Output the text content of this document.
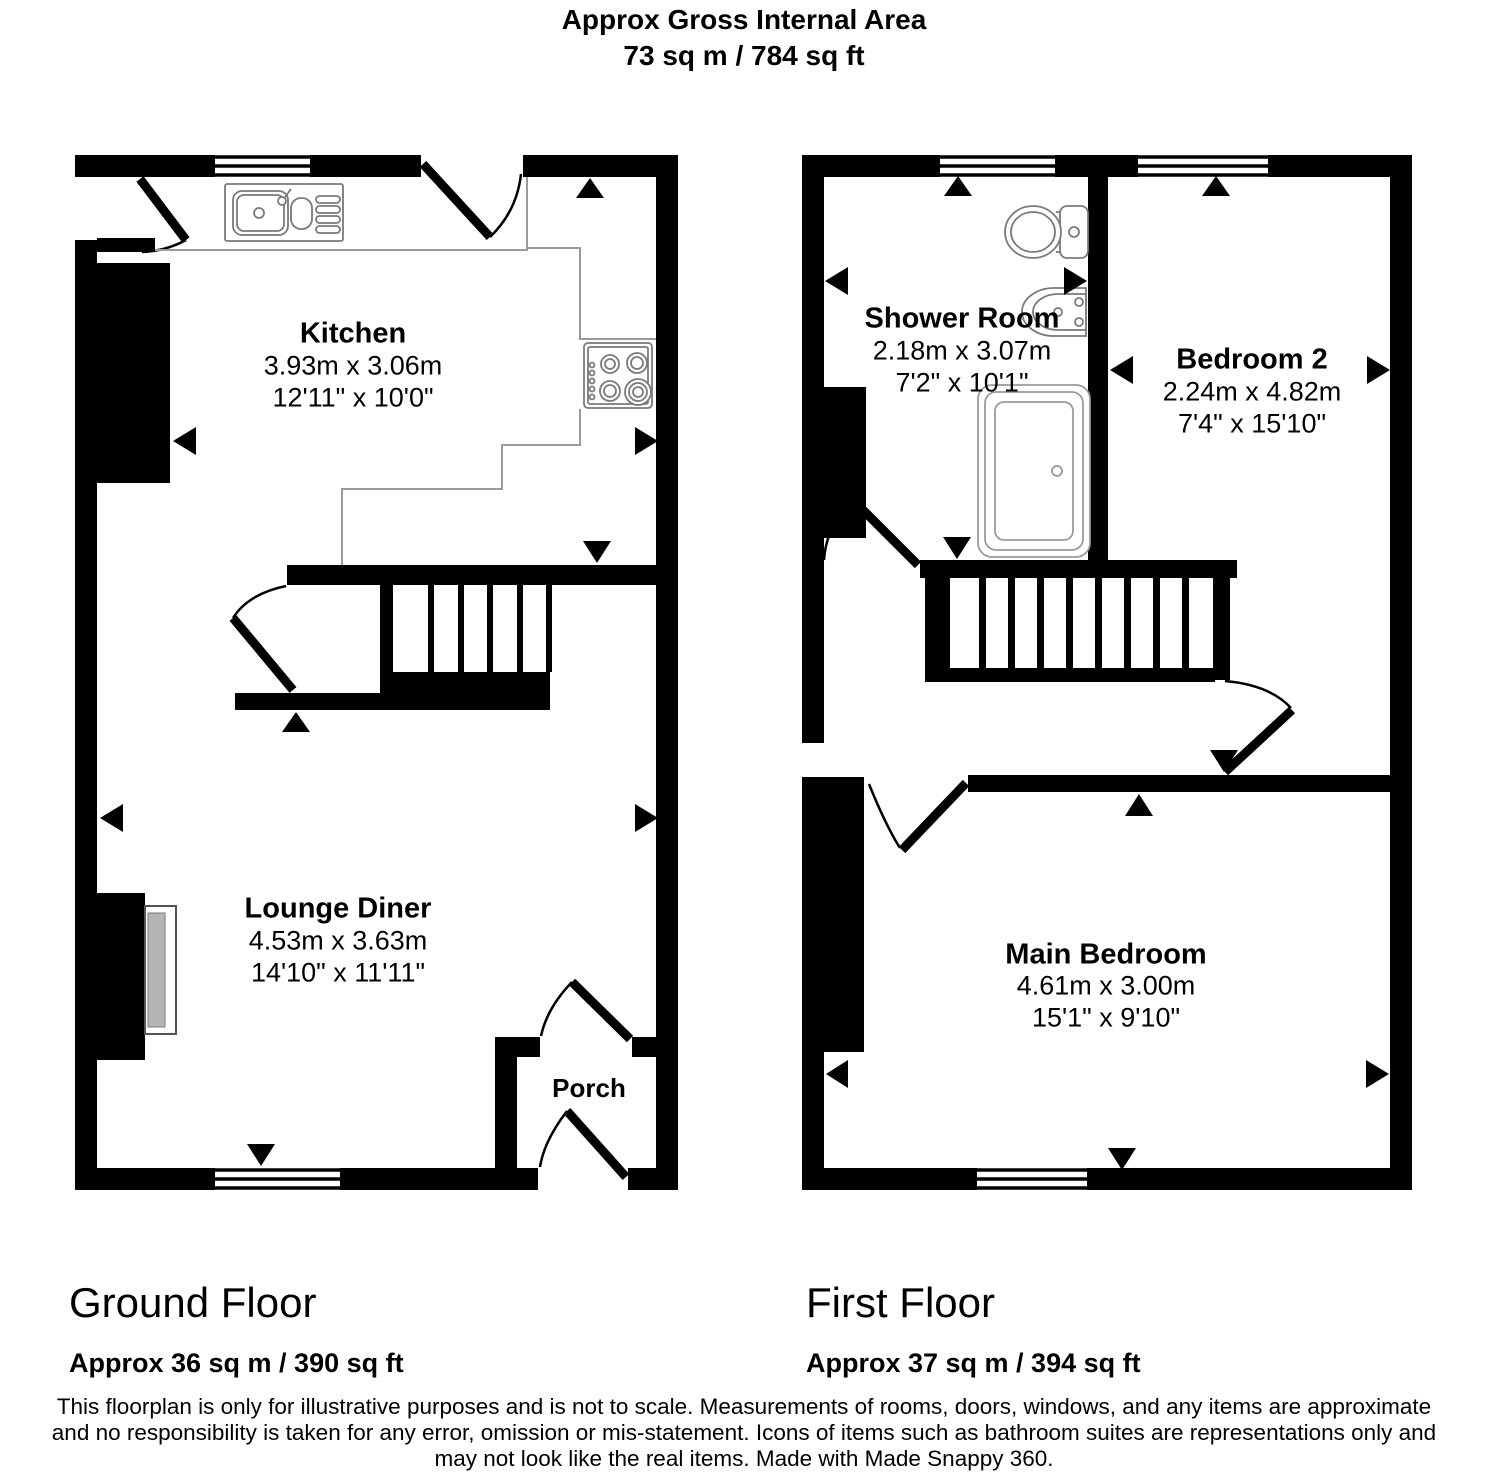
Approx Gross Internal Area
73 sq m / 784 sq ft
Kitchen
3.93m x 3.06m
12'11" x 10'0"
Lounge Diner
4.53m x 3.63m
14'10" x 11'11"
Porch
Shower Room
2.18m x 3.07m
7'2" x 10'1"
Bedroom 2
2.24m x 4.82m
7'4" x 15'10"
Main Bedroom
4.61m x 3.00m
15'1" x 9'10"
Ground Floor
Approx 36 sq m / 390 sq ft
First Floor
Approx 37 sq m / 394 sq ft
This floorplan is only for illustrative purposes and is not to scale. Measurements of rooms, doors, windows, and any items are approximate
and no responsibility is taken for any error, omission or mis-statement. Icons of items such as bathroom suites are representations only and
may not look like the real items. Made with Made Snappy 360.
